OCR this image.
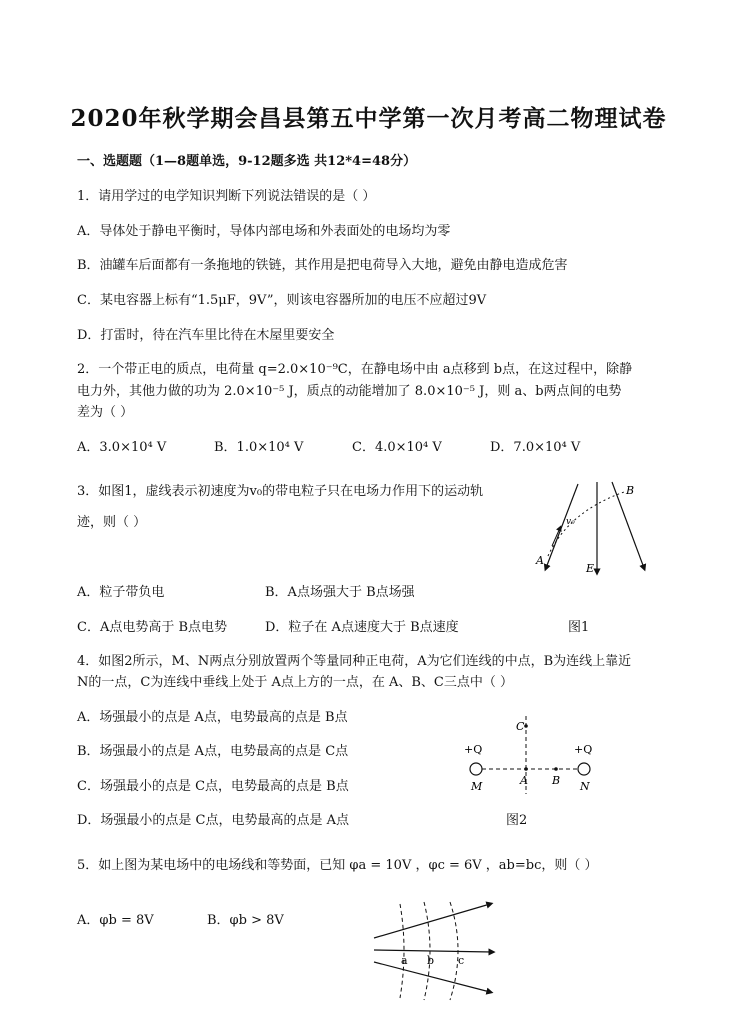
2020年秋学期会昌县第五中学第一次月考高二物理试卷
一、选题题（1—8题单选，9-12题多选 共12*4=48分）
1．请用学过的电学知识判断下列说法错误的是（ ）
A．导体处于静电平衡时，导体内部电场和外表面处的电场均为零
B．油罐车后面都有一条拖地的铁链，其作用是把电荷导入大地，避免由静电造成危害
C．某电容器上标有“1.5μF，9V”，则该电容器所加的电压不应超过9V
D．打雷时，待在汽车里比待在木屋里要安全
2．一个带正电的质点，电荷量 q=2.0×10⁻⁹C，在静电场中由 a点移到 b点，在这过程中，除静
电力外，其他力做的功为 2.0×10⁻⁵ J，质点的动能增加了 8.0×10⁻⁵ J，则 a、b两点间的电势
差为（ ）
A．3.0×10⁴ V	B．1.0×10⁴ V	C．4.0×10⁴ V	D．7.0×10⁴ V
3．如图1，虚线表示初速度为v₀的带电粒子只在电场力作用下的运动轨
迹，则（ ）
A．粒子带负电	B．A点场强大于 B点场强
C．A点电势高于 B点电势	D．粒子在 A点速度大于 B点速度	图1
v₀
A
B
E
4．如图2所示，M、N两点分别放置两个等量同种正电荷，A为它们连线的中点，B为连线上靠近
N的一点，C为连线中垂线上处于 A点上方的一点，在 A、B、C三点中（ ）
A．场强最小的点是 A点，电势最高的点是 B点
B．场强最小的点是 A点，电势最高的点是 C点
C．场强最小的点是 C点，电势最高的点是 B点
D．场强最小的点是 C点，电势最高的点是 A点	图2
+Q	+Q
C
A B
M	N
5．如上图为某电场中的电场线和等势面，已知 φa = 10V ，φc = 6V ，ab=bc，则（ ）
A．φb = 8V	B．φb > 8V
a b c
